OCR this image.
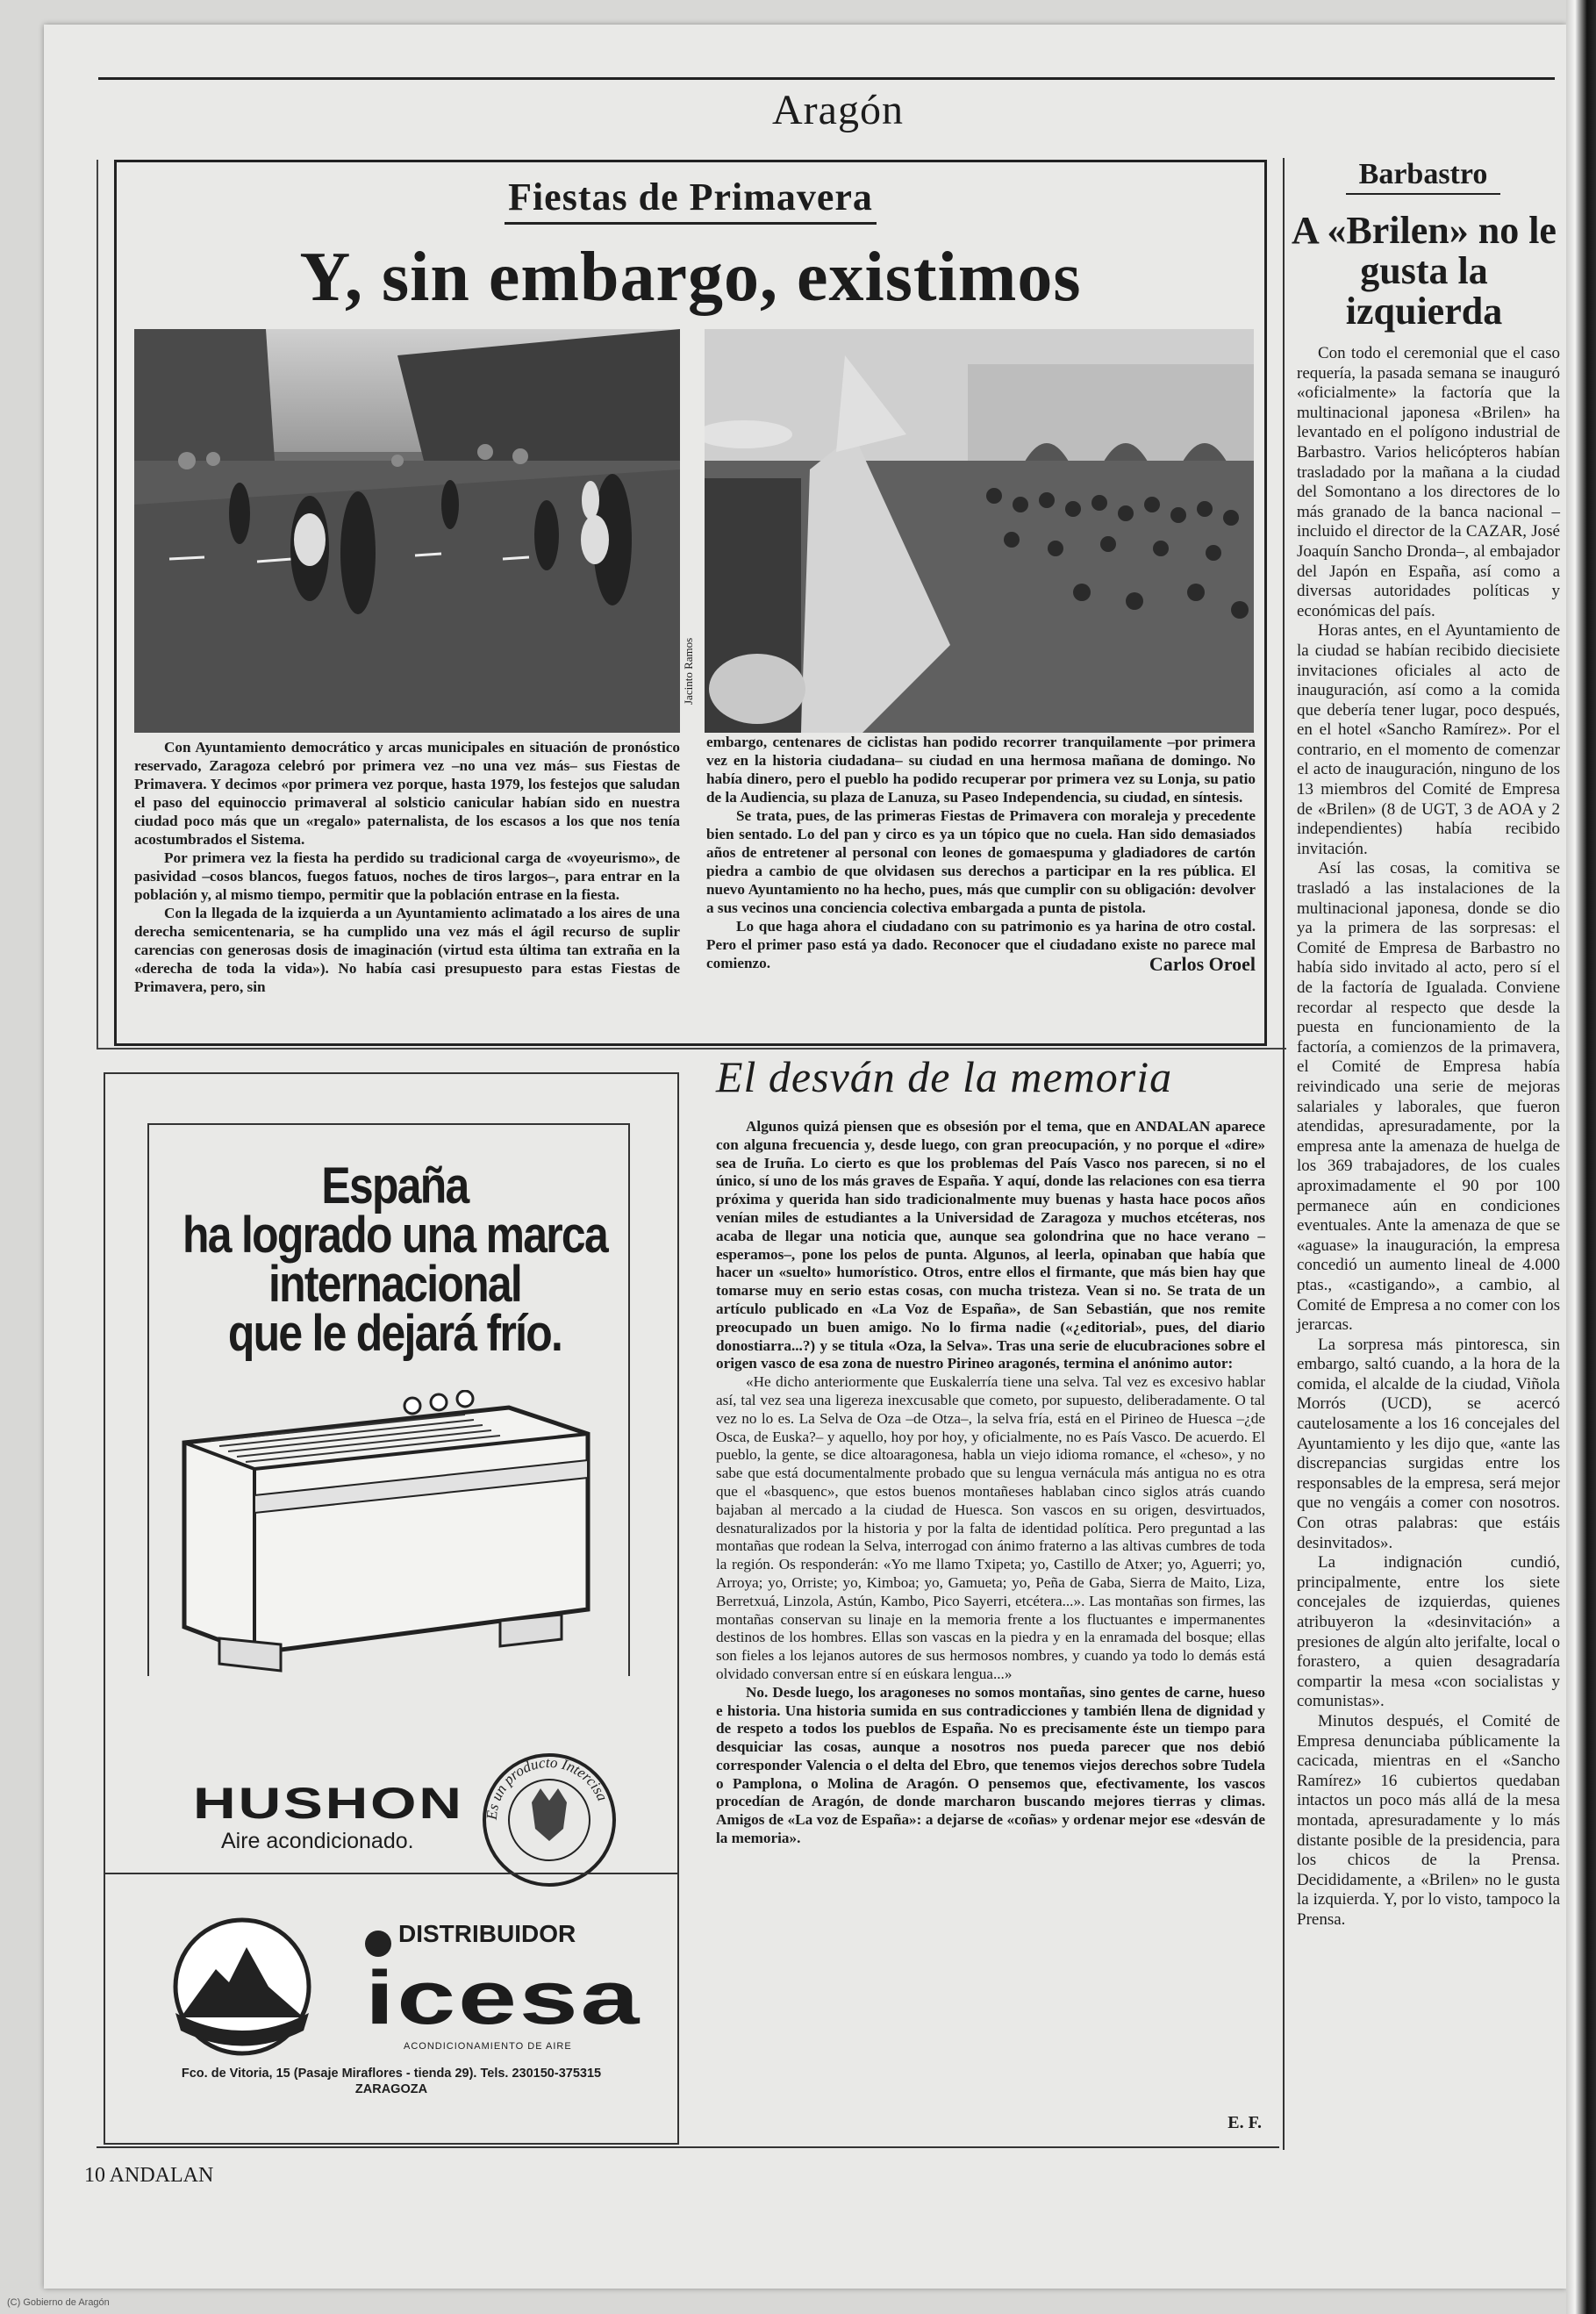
Aragón
Fiestas de Primavera
Y, sin embargo, existimos
Jacinto Ramos

Con Ayuntamiento democrático y arcas municipales en situación de pronóstico reservado, Zaragoza celebró por primera vez –no una vez más– sus Fiestas de Primavera. Y decimos «por primera vez porque, hasta 1979, los festejos que saludan el paso del equinoccio primaveral al solsticio canicular habían sido en nuestra ciudad poco más que un «regalo» paternalista, de los escasos a los que nos tenía acostumbrados el Sistema.

Por primera vez la fiesta ha perdido su tradicional carga de «voyeurismo», de pasividad –cosos blancos, fuegos fatuos, noches de tiros largos–, para entrar en la población y, al mismo tiempo, permitir que la población entrase en la fiesta.

Con la llegada de la izquierda a un Ayuntamiento aclimatado a los aires de una derecha semicentenaria, se ha cumplido una vez más el ágil recurso de suplir carencias con generosas dosis de imaginación (virtud esta última tan extraña en la «derecha de toda la vida»). No había casi presupuesto para estas Fiestas de Primavera, pero, sin

embargo, centenares de ciclistas han podido recorrer tranquilamente –por primera vez en la historia ciudadana– su ciudad en una hermosa mañana de domingo. No había dinero, pero el pueblo ha podido recuperar por primera vez su Lonja, su patio de la Audiencia, su plaza de Lanuza, su Paseo Independencia, su ciudad, en síntesis.

Se trata, pues, de las primeras Fiestas de Primavera con moraleja y precedente bien sentado. Lo del pan y circo es ya un tópico que no cuela. Han sido demasiados años de entretener al personal con leones de gomaespuma y gladiadores de cartón piedra a cambio de que olvidasen sus derechos a participar en la res pública. El nuevo Ayuntamiento no ha hecho, pues, más que cumplir con su obligación: devolver a sus vecinos una conciencia colectiva embargada a punta de pistola.

Lo que haga ahora el ciudadano con su patrimonio es ya harina de otro costal. Pero el primer paso está ya dado. Reconocer que el ciudadano existe no parece mal comienzo.	Carlos Oroel
Barbastro
A «Brilen» no le gusta la izquierda

Con todo el ceremonial que el caso requería, la pasada semana se inauguró «oficialmente» la factoría que la multinacional japonesa «Brilen» ha levantado en el polígono industrial de Barbastro. Varios helicópteros habían trasladado por la mañana a la ciudad del Somontano a los directores de lo más granado de la banca nacional –incluido el director de la CAZAR, José Joaquín Sancho Dronda–, al embajador del Japón en España, así como a diversas autoridades políticas y económicas del país.

Horas antes, en el Ayuntamiento de la ciudad se habían recibido diecisiete invitaciones oficiales al acto de inauguración, así como a la comida que debería tener lugar, poco después, en el hotel «Sancho Ramírez». Por el contrario, en el momento de comenzar el acto de inauguración, ninguno de los 13 miembros del Comité de Empresa de «Brilen» (8 de UGT, 3 de AOA y 2 independientes) había recibido invitación.

Así las cosas, la comitiva se trasladó a las instalaciones de la multinacional japonesa, donde se dio ya la primera de las sorpresas: el Comité de Empresa de Barbastro no había sido invitado al acto, pero sí el de la factoría de Igualada. Conviene recordar al respecto que desde la puesta en funcionamiento de la factoría, a comienzos de la primavera, el Comité de Empresa había reivindicado una serie de mejoras salariales y laborales, que fueron atendidas, apresuradamente, por la empresa ante la amenaza de huelga de los 369 trabajadores, de los cuales aproximadamente el 90 por 100 permanece aún en condiciones eventuales. Ante la amenaza de que se «aguase» la inauguración, la empresa concedió un aumento lineal de 4.000 ptas., «castigando», a cambio, al Comité de Empresa a no comer con los jerarcas.

La sorpresa más pintoresca, sin embargo, saltó cuando, a la hora de la comida, el alcalde de la ciudad, Viñola Morrós (UCD), se acercó cautelosamente a los 16 concejales del Ayuntamiento y les dijo que, «ante las discrepancias surgidas entre los responsables de la empresa, será mejor que no vengáis a comer con nosotros. Con otras palabras: que estáis desinvitados».

La indignación cundió, principalmente, entre los siete concejales de izquierdas, quienes atribuyeron la «desinvitación» a presiones de algún alto jerifalte, local o forastero, a quien desagradaría compartir la mesa «con socialistas y comunistas».

Minutos después, el Comité de Empresa denunciaba públicamente la cacicada, mientras en el «Sancho Ramírez» 16 cubiertos quedaban intactos un poco más allá de la mesa montada, apresuradamente y lo más distante posible de la presidencia, para los chicos de la Prensa. Decididamente, a «Brilen» no le gusta la izquierda. Y, por lo visto, tampoco la Prensa.

España
ha logrado una marca
internacional
que le dejará frío.
HUSHON
Aire acondicionado.
Es un producto Intercisa
DISTRIBUIDOR
icesa
ACONDICIONAMIENTO DE AIRE
Fco. de Vitoria, 15 (Pasaje Miraflores - tienda 29). Tels. 230150-375315
ZARAGOZA
El desván de la memoria

Algunos quizá piensen que es obsesión por el tema, que en ANDALAN aparece con alguna frecuencia y, desde luego, con gran preocupación, y no porque el «dire» sea de Iruña. Lo cierto es que los problemas del País Vasco nos parecen, si no el único, sí uno de los más graves de España. Y aquí, donde las relaciones con esa tierra próxima y querida han sido tradicionalmente muy buenas y hasta hace pocos años venían miles de estudiantes a la Universidad de Zaragoza y muchos etcéteras, nos acaba de llegar una noticia que, aunque sea golondrina que no hace verano –esperamos–, pone los pelos de punta. Algunos, al leerla, opinaban que había que hacer un «suelto» humorístico. Otros, entre ellos el firmante, que más bien hay que tomarse muy en serio estas cosas, con mucha tristeza. Vean si no. Se trata de un artículo publicado en «La Voz de España», de San Sebastián, que nos remite preocupado un buen amigo. No lo firma nadie («¿editorial», pues, del diario donostiarra...?) y se titula «Oza, la Selva». Tras una serie de elucubraciones sobre el origen vasco de esa zona de nuestro Pirineo aragonés, termina el anónimo autor:

«He dicho anteriormente que Euskalerría tiene una selva. Tal vez es excesivo hablar así, tal vez sea una ligereza inexcusable que cometo, por supuesto, deliberadamente. O tal vez no lo es. La Selva de Oza –de Otza–, la selva fría, está en el Pirineo de Huesca –¿de Osca, de Euska?– y aquello, hoy por hoy, y oficialmente, no es País Vasco. De acuerdo. El pueblo, la gente, se dice altoaragonesa, habla un viejo idioma romance, el «cheso», y no sabe que está documentalmente probado que su lengua vernácula más antigua no es otra que el «basquenc», que estos buenos montañeses hablaban cinco siglos atrás cuando bajaban al mercado a la ciudad de Huesca. Son vascos en su origen, desvirtuados, desnaturalizados por la historia y por la falta de identidad política. Pero preguntad a las montañas que rodean la Selva, interrogad con ánimo fraterno a las altivas cumbres de toda la región. Os responderán: «Yo me llamo Txipeta; yo, Castillo de Atxer; yo, Aguerri; yo, Arroya; yo, Orriste; yo, Kimboa; yo, Gamueta; yo, Peña de Gaba, Sierra de Maito, Liza, Berretxuá, Linzola, Astún, Kambo, Pico Sayerri, etcétera...». Las montañas son firmes, las montañas conservan su linaje en la memoria frente a los fluctuantes e impermanentes destinos de los hombres. Ellas son vascas en la piedra y en la enramada del bosque; ellas son fieles a los lejanos autores de sus hermosos nombres, y cuando ya todo lo demás está olvidado conversan entre sí en eúskara lengua...»

No. Desde luego, los aragoneses no somos montañas, sino gentes de carne, hueso e historia. Una historia sumida en sus contradicciones y también llena de dignidad y de respeto a todos los pueblos de España. No es precisamente éste un tiempo para desquiciar las cosas, aunque a nosotros nos pueda parecer que nos debió corresponder Valencia o el delta del Ebro, que tenemos viejos derechos sobre Tudela o Pamplona, o Molina de Aragón. O pensemos que, efectivamente, los vascos procedían de Aragón, de donde marcharon buscando mejores tierras y climas. Amigos de «La voz de España»: a dejarse de «coñas» y ordenar mejor ese «desván de la memoria».

E. F.
10 ANDALAN
(C) Gobierno de Aragón
